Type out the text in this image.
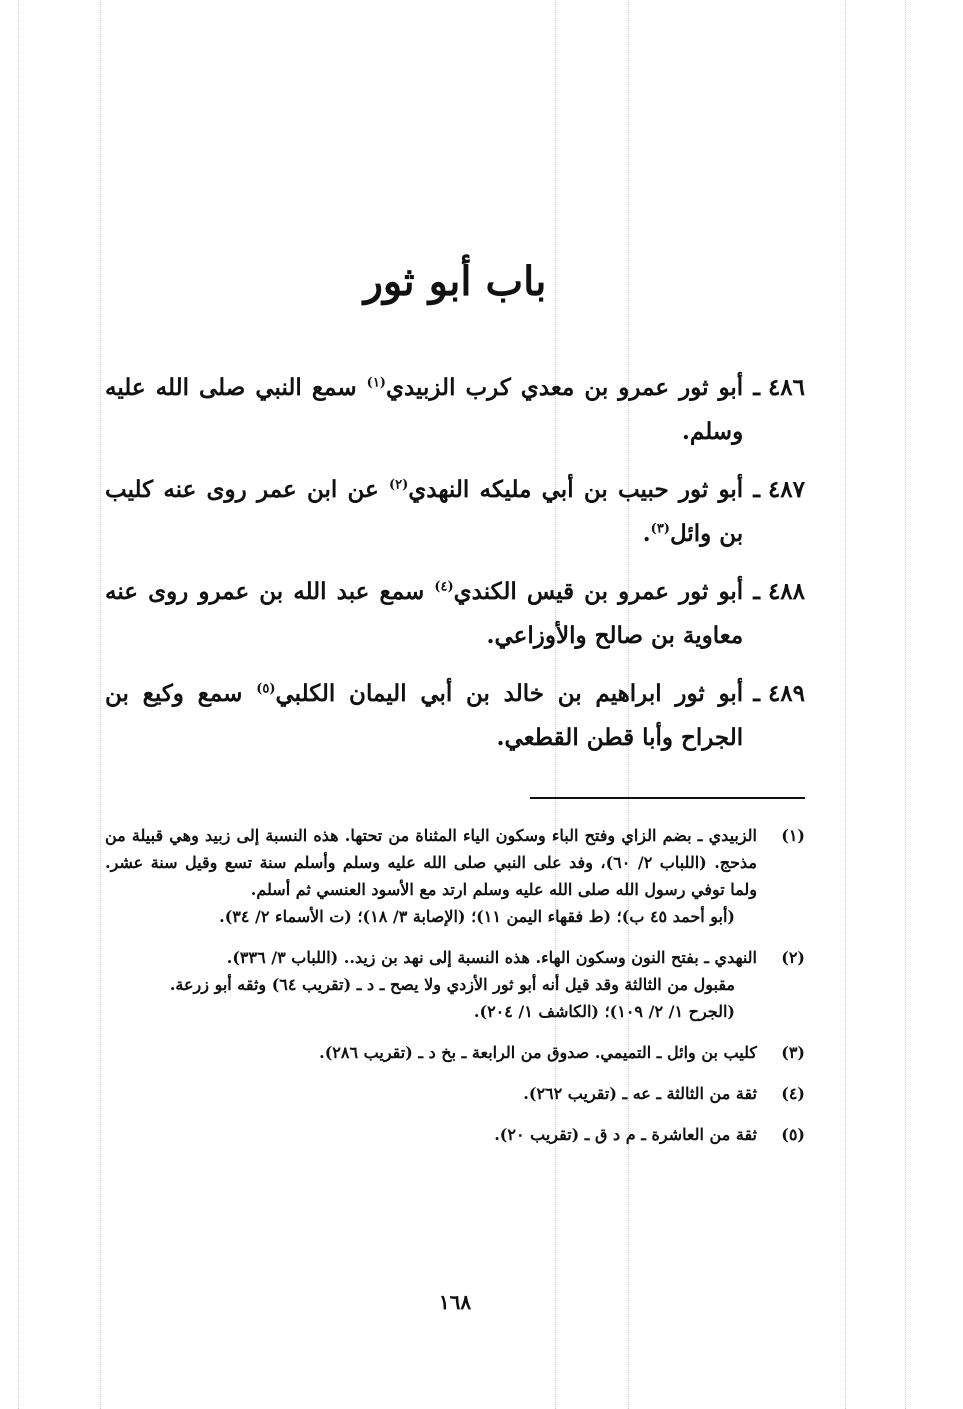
باب أبو ثور
٤٨٦ ـ
أبو ثور عمرو بن معدي كرب الزبيدي$^{(١)}$ سمع النبي صلى الله عليه وسلم.
٤٨٧ ـ
أبو ثور حبيب بن أبي مليكه النهدي$^{(٢)}$ عن ابن عمر روى عنه كليب بن وائل$^{(٣)}$.
٤٨٨ ـ
أبو ثور عمرو بن قيس الكندي$^{(٤)}$ سمع عبد الله بن عمرو روى عنه معاوية بن صالح والأوزاعي.
٤٨٩ ـ
أبو ثور ابراهيم بن خالد بن أبي اليمان الكلبي$^{(٥)}$ سمع وكيع بن الجراح وأبا قطن القطعي.
(١)

الزبيدي ـ بضم الزاي وفتح الباء وسكون الياء المثناة من تحتها. هذه النسبة إلى زبيد وهي قبيلة من مذحج. (اللباب ٢/ ٦٠)، وفد على النبي صلى الله عليه وسلم وأسلم سنة تسع وقيل سنة عشر. ولما توفي رسول الله صلى الله عليه وسلم ارتد مع الأسود العنسي ثم أسلم.

(أبو أحمد ٤٥ ب)؛ (ط فقهاء اليمن ١١)؛ (الإصابة ٣/ ١٨)؛ (ت الأسماء ٢/ ٣٤).

(٢)

النهدي ـ بفتح النون وسكون الهاء. هذه النسبة إلى نهد بن زيد.. (اللباب ٣/ ٣٣٦).

مقبول من الثالثة وقد قيل أنه أبو ثور الأزدي ولا يصح ـ د ـ (تقريب ٦٤) وثقه أبو زرعة.

(الجرح ١/ ٢/ ١٠٩)؛ (الكاشف ١/ ٢٠٤).

(٣)

كليب بن وائل ـ التميمي. صدوق من الرابعة ـ بخ د ـ (تقريب ٢٨٦).

(٤)

ثقة من الثالثة ـ عه ـ (تقريب ٢٦٢).

(٥)

ثقة من العاشرة ـ م د ق ـ (تقريب ٢٠).

١٦٨
